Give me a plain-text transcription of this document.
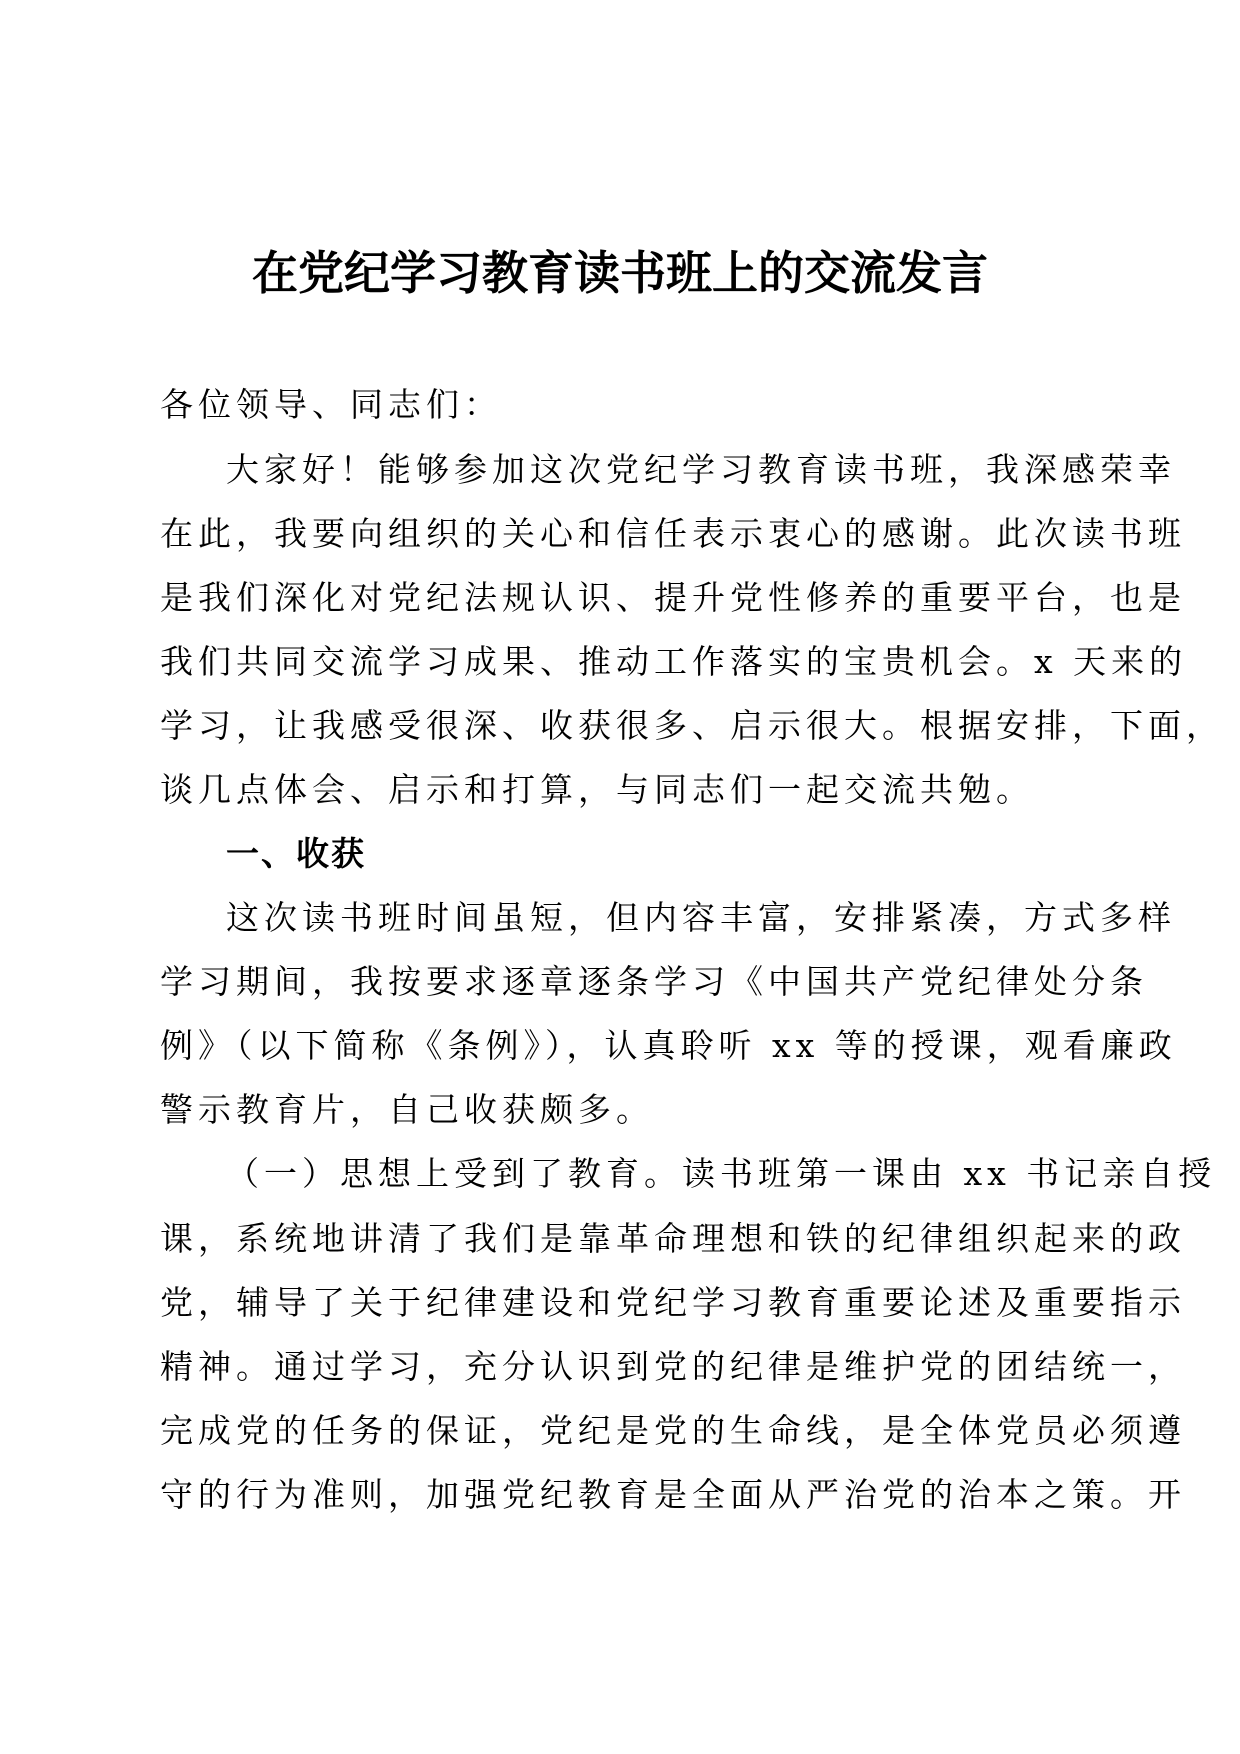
在党纪学习教育读书班上的交流发言
各位领导、同志们：
大家好！能够参加这次党纪学习教育读书班，我深感荣幸
在此，我要向组织的关心和信任表示衷心的感谢。此次读书班
是我们深化对党纪法规认识、提升党性修养的重要平台，也是
我们共同交流学习成果、推动工作落实的宝贵机会。x 天来的
学习，让我感受很深、收获很多、启示很大。根据安排，下面，
谈几点体会、启示和打算，与同志们一起交流共勉。
一、收获
这次读书班时间虽短，但内容丰富，安排紧凑，方式多样
学习期间，我按要求逐章逐条学习《中国共产党纪律处分条
例》（以下简称《条例》），认真聆听 xx 等的授课，观看廉政
警示教育片，自己收获颇多。
（一）思想上受到了教育。读书班第一课由 xx 书记亲自授
课，系统地讲清了我们是靠革命理想和铁的纪律组织起来的政
党，辅导了关于纪律建设和党纪学习教育重要论述及重要指示
精神。通过学习，充分认识到党的纪律是维护党的团结统一，
完成党的任务的保证，党纪是党的生命线，是全体党员必须遵
守的行为准则，加强党纪教育是全面从严治党的治本之策。开
